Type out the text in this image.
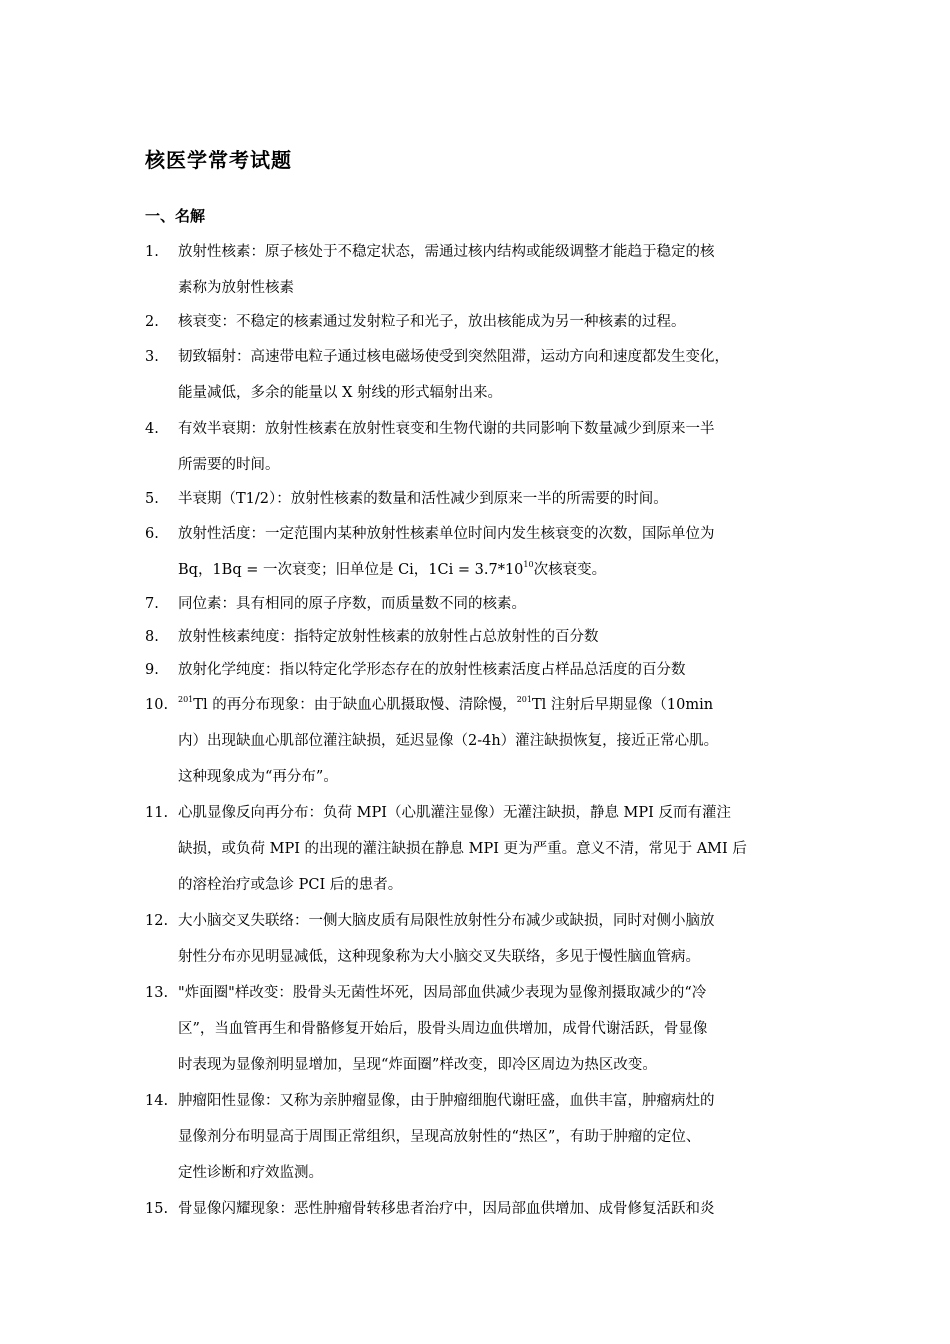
核医学常考试题
一、名解
1. 放射性核素：原子核处于不稳定状态，需通过核内结构或能级调整才能趋于稳定的核
素称为放射性核素
2. 核衰变：不稳定的核素通过发射粒子和光子，放出核能成为另一种核素的过程。
3. 韧致辐射：高速带电粒子通过核电磁场使受到突然阻滞，运动方向和速度都发生变化，
能量减低，多余的能量以 X 射线的形式辐射出来。
4. 有效半衰期：放射性核素在放射性衰变和生物代谢的共同影响下数量减少到原来一半
所需要的时间。
5. 半衰期（T1/2）：放射性核素的数量和活性减少到原来一半的所需要的时间。
6. 放射性活度：一定范围内某种放射性核素单位时间内发生核衰变的次数，国际单位为
Bq，1Bq = 一次衰变；旧单位是 Ci，$1Ci = 3.7*10^{10}$次核衰变。
7. 同位素：具有相同的原子序数，而质量数不同的核素。
8. 放射性核素纯度：指特定放射性核素的放射性占总放射性的百分数
9. 放射化学纯度：指以特定化学形态存在的放射性核素活度占样品总活度的百分数
10. $^{201}$Tl 的再分布现象：由于缺血心肌摄取慢、清除慢，$^{201}$Tl 注射后早期显像（10min
内）出现缺血心肌部位灌注缺损，延迟显像（2-4h）灌注缺损恢复，接近正常心肌。
这种现象成为“再分布”。
11. 心肌显像反向再分布：负荷 MPI（心肌灌注显像）无灌注缺损，静息 MPI 反而有灌注
缺损，或负荷 MPI 的出现的灌注缺损在静息 MPI 更为严重。意义不清，常见于 AMI 后
的溶栓治疗或急诊 PCI 后的患者。
12. 大小脑交叉失联络：一侧大脑皮质有局限性放射性分布减少或缺损，同时对侧小脑放
射性分布亦见明显减低，这种现象称为大小脑交叉失联络，多见于慢性脑血管病。
13. "炸面圈"样改变：股骨头无菌性坏死，因局部血供减少表现为显像剂摄取减少的“冷
区”，当血管再生和骨骼修复开始后，股骨头周边血供增加，成骨代谢活跃，骨显像
时表现为显像剂明显增加，呈现“炸面圈”样改变，即冷区周边为热区改变。
14. 肿瘤阳性显像：又称为亲肿瘤显像，由于肿瘤细胞代谢旺盛，血供丰富，肿瘤病灶的
显像剂分布明显高于周围正常组织，呈现高放射性的“热区”，有助于肿瘤的定位、
定性诊断和疗效监测。
15. 骨显像闪耀现象：恶性肿瘤骨转移患者治疗中，因局部血供增加、成骨修复活跃和炎
